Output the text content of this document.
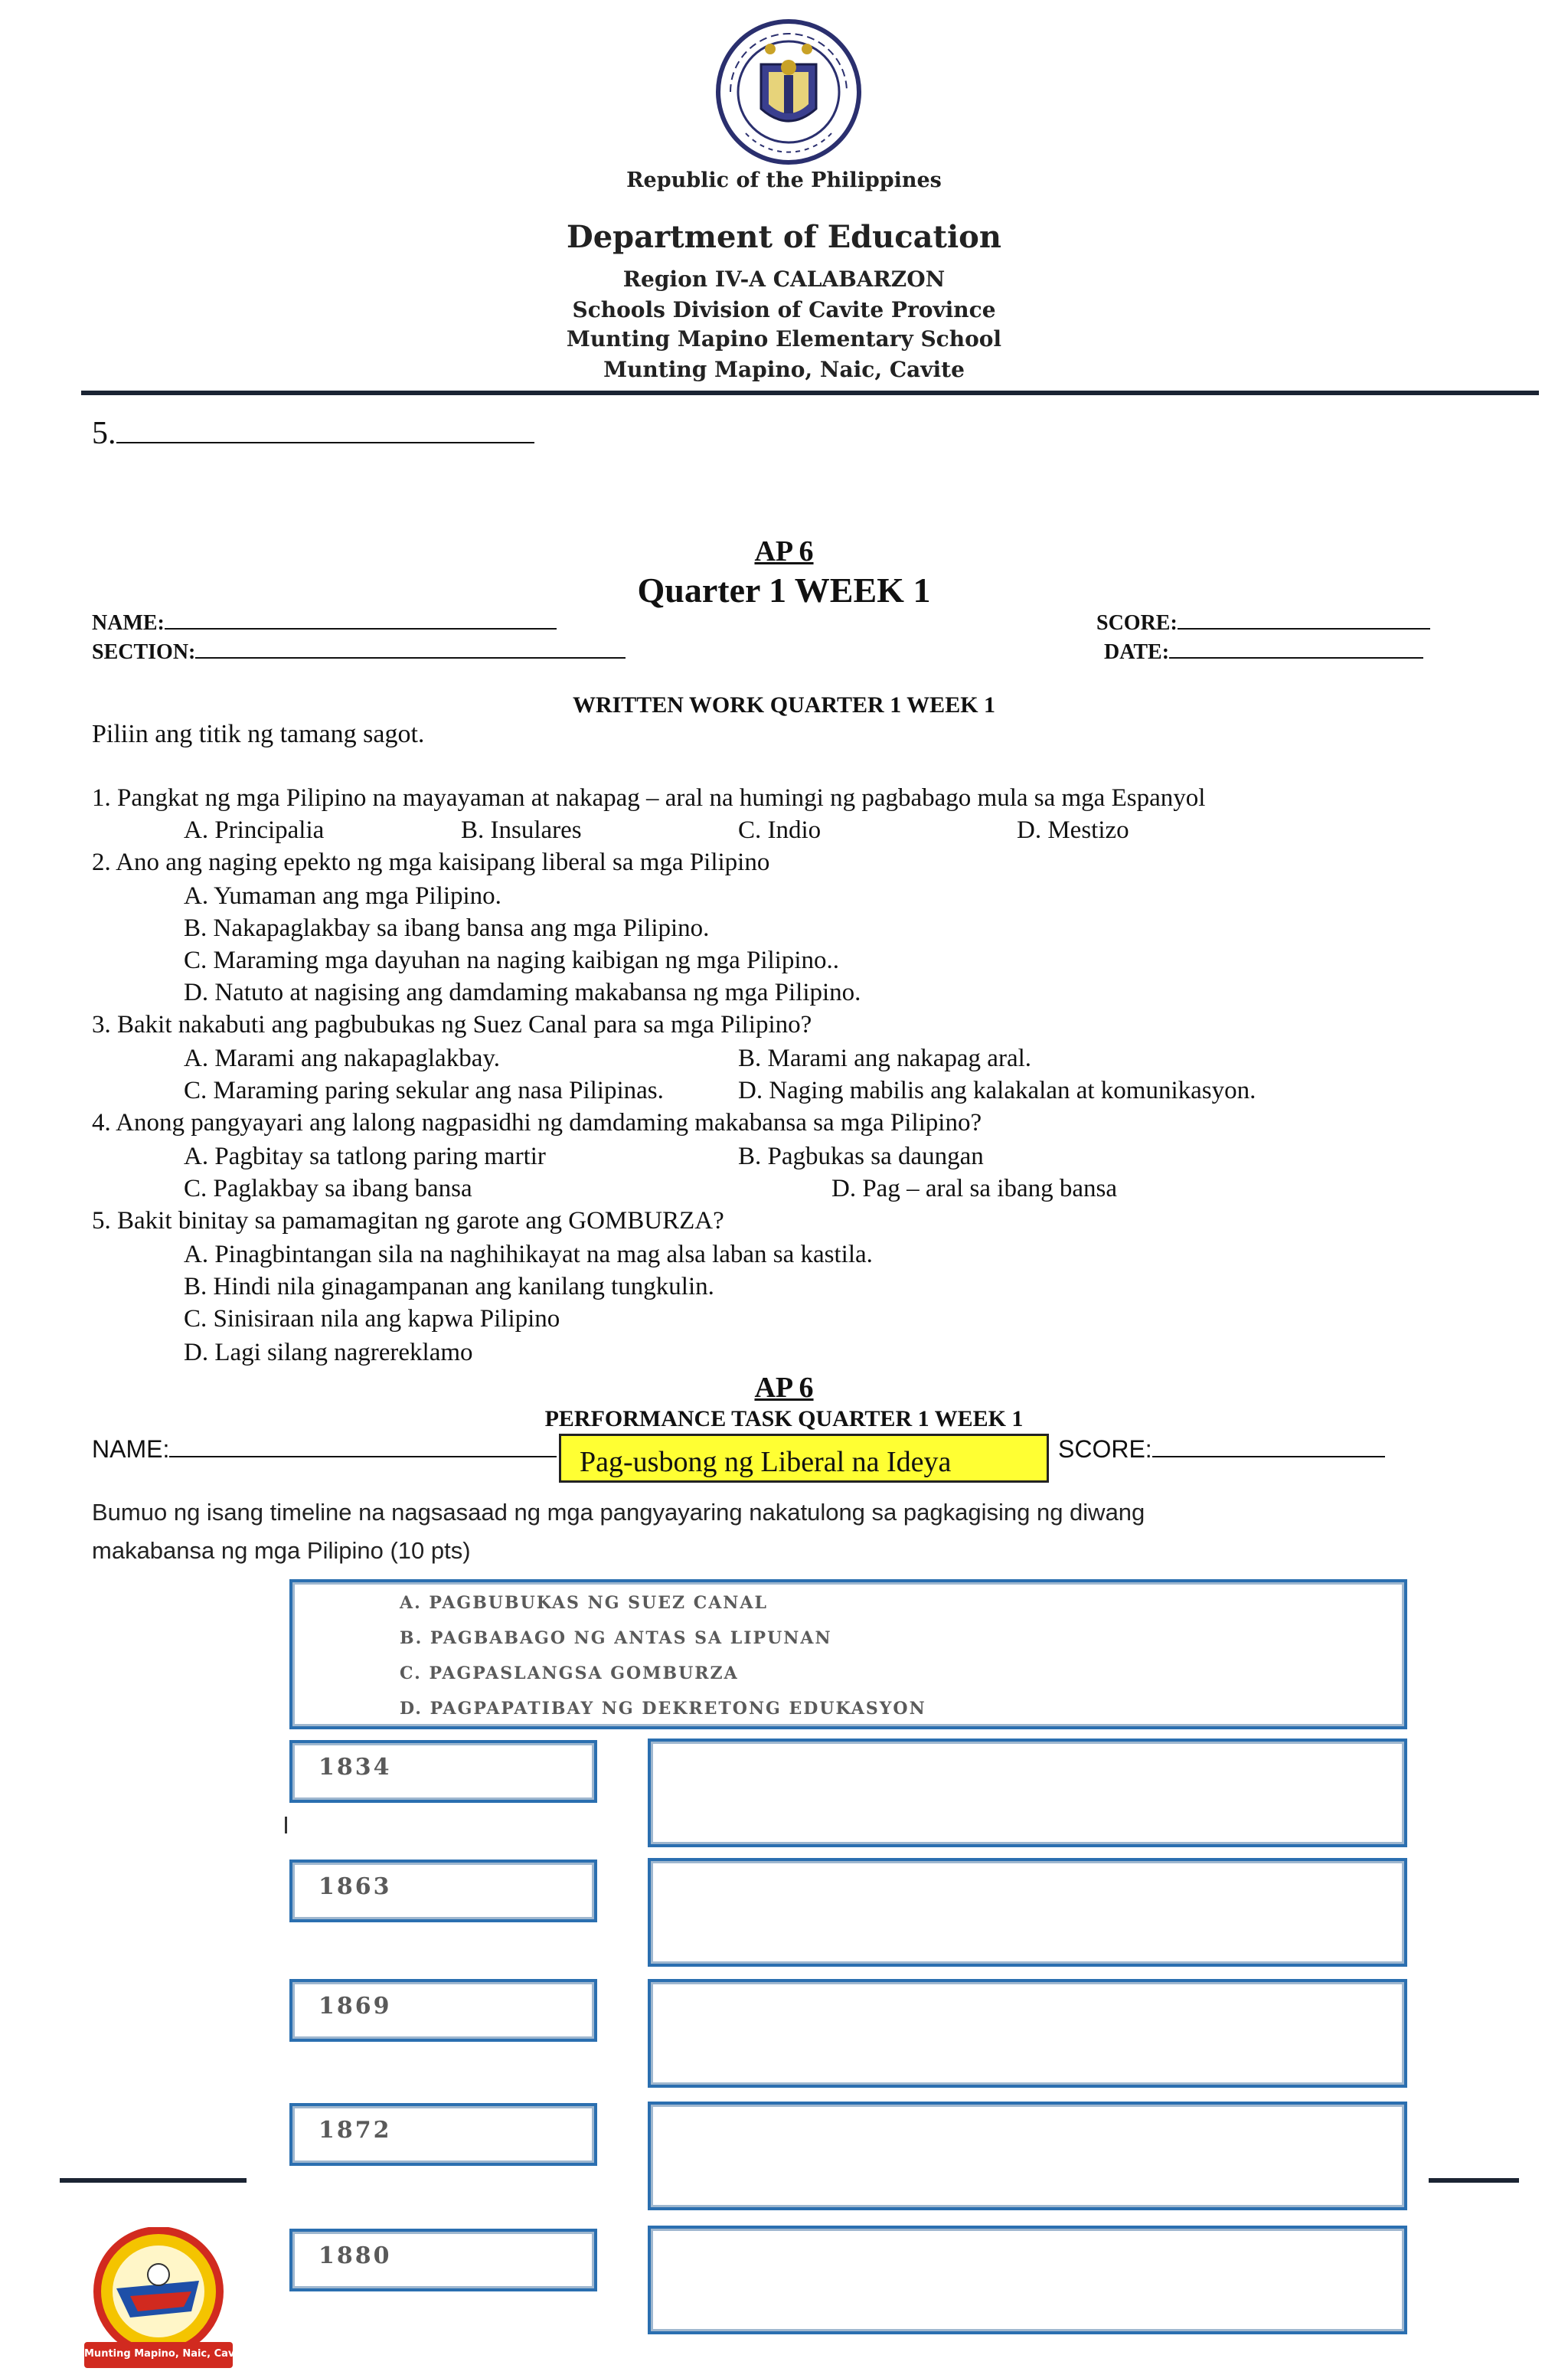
Republic of the Philippines
Department of Education
Region IV-A CALABARZON
Schools Division of Cavite Province
Munting Mapino Elementary School
Munting Mapino, Naic, Cavite
5.
AP 6
Quarter 1 WEEK 1
NAME:	SCORE:
SECTION:	DATE:
WRITTEN WORK QUARTER 1 WEEK 1
Piliin ang titik ng tamang sagot.
1. Pangkat ng mga Pilipino na mayayaman at nakapag – aral na humingi ng pagbabago mula sa mga Espanyol
A. Principalia	B. Insulares	C. Indio	D. Mestizo
2. Ano ang naging epekto ng mga kaisipang liberal sa mga Pilipino
A. Yumaman ang mga Pilipino.
B. Nakapaglakbay sa ibang bansa ang mga Pilipino.
C. Maraming mga dayuhan na naging kaibigan ng mga Pilipino..
D. Natuto at nagising ang damdaming makabansa ng mga Pilipino.
3. Bakit nakabuti ang pagbubukas ng Suez Canal para sa mga Pilipino?
A. Marami ang nakapaglakbay.	B. Marami ang nakapag aral.
C. Maraming paring sekular ang nasa Pilipinas.	D. Naging mabilis ang kalakalan at komunikasyon.
4. Anong pangyayari ang lalong nagpasidhi ng damdaming makabansa sa mga Pilipino?
A. Pagbitay sa tatlong paring martir	B. Pagbukas sa daungan
C. Paglakbay sa ibang bansa	D. Pag – aral sa ibang bansa
5. Bakit binitay sa pamamagitan ng garote ang GOMBURZA?
A. Pinagbintangan sila na naghihikayat na mag alsa laban sa kastila.
B. Hindi nila ginagampanan ang kanilang tungkulin.
C. Sinisiraan nila ang kapwa Pilipino
D. Lagi silang nagrereklamo
AP 6
PERFORMANCE TASK QUARTER 1 WEEK 1
NAME:	Pag-usbong ng Liberal na Ideya	SCORE:
Bumuo ng isang timeline na nagsasaad ng mga pangyayaring nakatulong sa pagkagising ng diwang
makabansa ng mga Pilipino (10 pts)
A. PAGBUBUKAS NG SUEZ CANAL
B. PAGBABAGO NG ANTAS SA LIPUNAN
C. PAGPASLANGSA GOMBURZA
D. PAGPAPATIBAY NG DEKRETONG EDUKASYON
1834
1863
1869
1872
1880
Munting Mapino, Naic, Cavite
